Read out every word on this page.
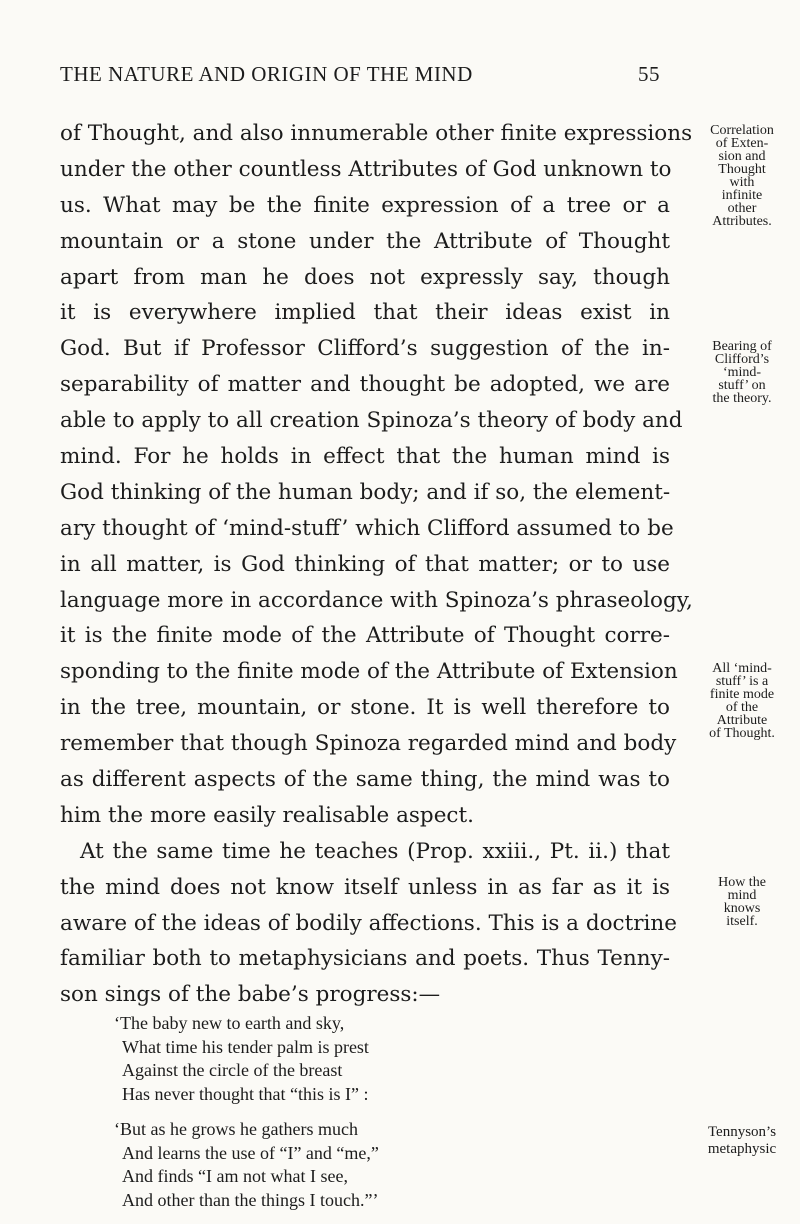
THE NATURE AND ORIGIN OF THE MIND	55
of Thought, and also innumerable other finite expressions
under the other countless Attributes of God unknown to
us. What may be the finite expression of a tree or a
mountain or a stone under the Attribute of Thought
apart from man he does not expressly say, though
it is everywhere implied that their ideas exist in
God. But if Professor Clifford’s suggestion of the in-
separability of matter and thought be adopted, we are
able to apply to all creation Spinoza’s theory of body and
mind. For he holds in effect that the human mind is
God thinking of the human body; and if so, the element-
ary thought of ‘mind-stuff’ which Clifford assumed to be
in all matter, is God thinking of that matter; or to use
language more in accordance with Spinoza’s phraseology,
it is the finite mode of the Attribute of Thought corre-
sponding to the finite mode of the Attribute of Extension
in the tree, mountain, or stone. It is well therefore to
remember that though Spinoza regarded mind and body
as different aspects of the same thing, the mind was to
him the more easily realisable aspect.
At the same time he teaches (Prop. xxiii., Pt. ii.) that
the mind does not know itself unless in as far as it is
aware of the ideas of bodily affections. This is a doctrine
familiar both to metaphysicians and poets. Thus Tenny-
son sings of the babe’s progress:—
‘The baby new to earth and sky,
What time his tender palm is prest
Against the circle of the breast
Has never thought that “this is I” :
‘But as he grows he gathers much
And learns the use of “I” and “me,”
And finds “I am not what I see,
And other than the things I touch.”’
Correlation
of Exten-
sion and
Thought
with
infinite
other
Attributes.
Bearing of
Clifford’s
‘mind-
stuff’ on
the theory.
All ‘mind-
stuff’ is a
finite mode
of the
Attribute
of Thought.
How the
mind
knows
itself.
Tennyson’s
metaphysic
